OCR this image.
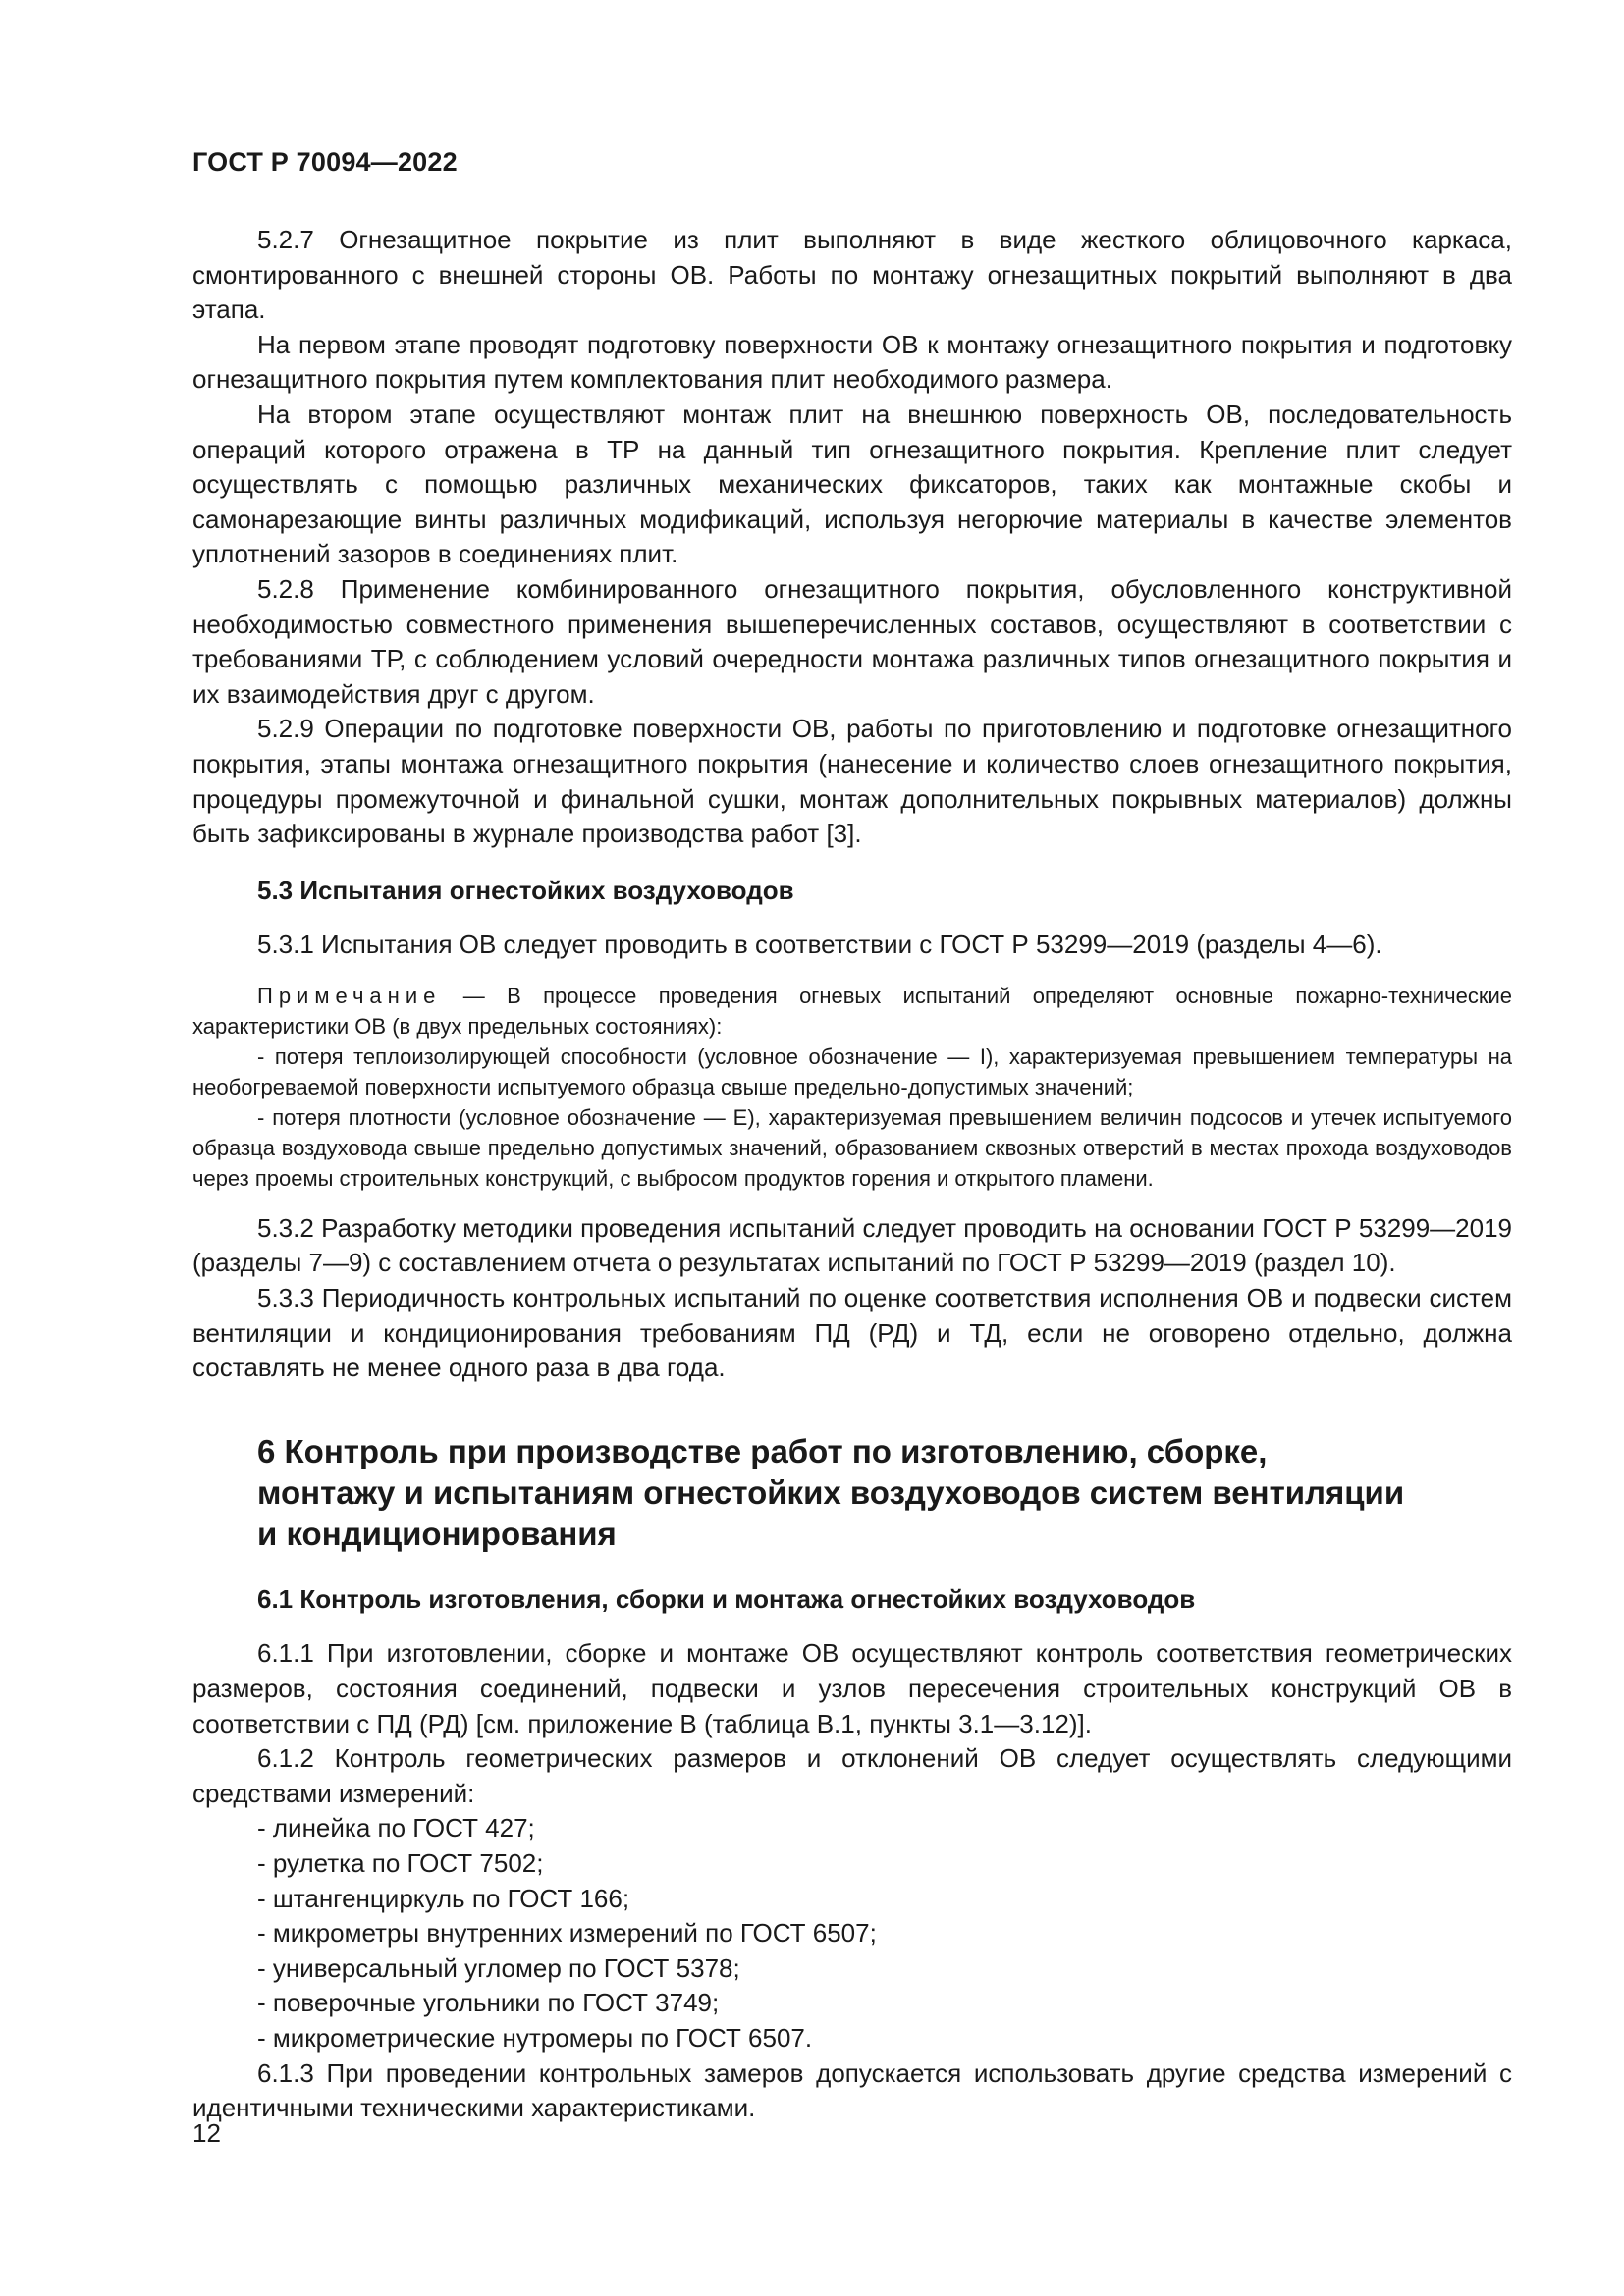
ГОСТ Р 70094—2022

5.2.7 Огнезащитное покрытие из плит выполняют в виде жесткого облицовочного каркаса, смонтированного с внешней стороны ОВ. Работы по монтажу огнезащитных покрытий выполняют в два этапа.

На первом этапе проводят подготовку поверхности ОВ к монтажу огнезащитного покрытия и подготовку огнезащитного покрытия путем комплектования плит необходимого размера.

На втором этапе осуществляют монтаж плит на внешнюю поверхность ОВ, последовательность операций которого отражена в ТР на данный тип огнезащитного покрытия. Крепление плит следует осуществлять с помощью различных механических фиксаторов, таких как монтажные скобы и самонарезающие винты различных модификаций, используя негорючие материалы в качестве элементов уплотнений зазоров в соединениях плит.

5.2.8 Применение комбинированного огнезащитного покрытия, обусловленного конструктивной необходимостью совместного применения вышеперечисленных составов, осуществляют в соответствии с требованиями ТР, с соблюдением условий очередности монтажа различных типов огнезащитного покрытия и их взаимодействия друг с другом.

5.2.9 Операции по подготовке поверхности ОВ, работы по приготовлению и подготовке огнезащитного покрытия, этапы монтажа огнезащитного покрытия (нанесение и количество слоев огнезащитного покрытия, процедуры промежуточной и финальной сушки, монтаж дополнительных покрывных материалов) должны быть зафиксированы в журнале производства работ [3].

5.3 Испытания огнестойких воздуховодов

5.3.1 Испытания ОВ следует проводить в соответствии с ГОСТ Р 53299—2019 (разделы 4—6).

Примечание — В процессе проведения огневых испытаний определяют основные пожарно-технические характеристики ОВ (в двух предельных состояниях):

- потеря теплоизолирующей способности (условное обозначение — I), характеризуемая превышением температуры на необогреваемой поверхности испытуемого образца свыше предельно-допустимых значений;

- потеря плотности (условное обозначение — Е), характеризуемая превышением величин подсосов и утечек испытуемого образца воздуховода свыше предельно допустимых значений, образованием сквозных отверстий в местах прохода воздуховодов через проемы строительных конструкций, с выбросом продуктов горения и открытого пламени.

5.3.2 Разработку методики проведения испытаний следует проводить на основании ГОСТ Р 53299—2019 (разделы 7—9) с составлением отчета о результатах испытаний по ГОСТ Р 53299—2019 (раздел 10).

5.3.3 Периодичность контрольных испытаний по оценке соответствия исполнения ОВ и подвески систем вентиляции и кондиционирования требованиям ПД (РД) и ТД, если не оговорено отдельно, должна составлять не менее одного раза в два года.

6 Контроль при производстве работ по изготовлению, сборке,
монтажу и испытаниям огнестойких воздуховодов систем вентиляции
и кондиционирования
6.1 Контроль изготовления, сборки и монтажа огнестойких воздуховодов

6.1.1 При изготовлении, сборке и монтаже ОВ осуществляют контроль соответствия геометрических размеров, состояния соединений, подвески и узлов пересечения строительных конструкций ОВ в соответствии с ПД (РД) [см. приложение В (таблица В.1, пункты 3.1—3.12)].

6.1.2 Контроль геометрических размеров и отклонений ОВ следует осуществлять следующими средствами измерений:

- линейка по ГОСТ 427;

- рулетка по ГОСТ 7502;

- штангенциркуль по ГОСТ 166;

- микрометры внутренних измерений по ГОСТ 6507;

- универсальный угломер по ГОСТ 5378;

- поверочные угольники по ГОСТ 3749;

- микрометрические нутромеры по ГОСТ 6507.

6.1.3 При проведении контрольных замеров допускается использовать другие средства измерений с идентичными техническими характеристиками.

12
